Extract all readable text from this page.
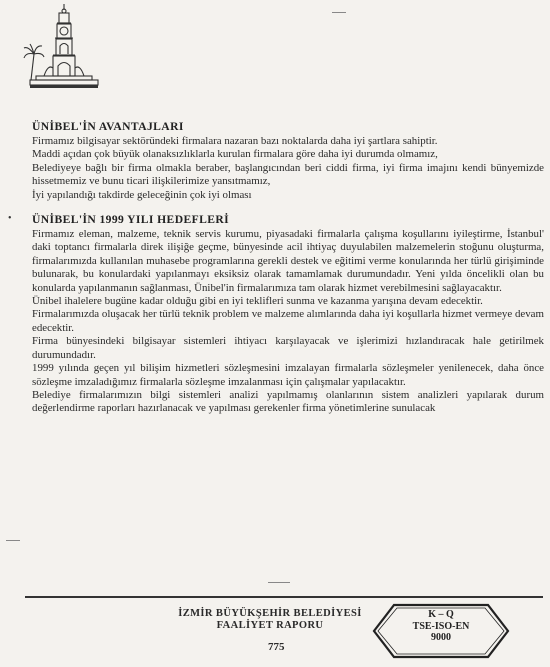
•
ÜNİBEL'İN AVANTAJLARI

Firmamız bilgisayar sektöründeki firmalara nazaran bazı noktalarda daha iyi şartlara sahiptir.

Maddi açıdan çok büyük olanaksızlıklarla kurulan firmalara göre daha iyi durumda olmamız,

Belediyeye bağlı bir firma olmakla beraber, başlangıcından beri ciddi firma, iyi firma imajını kendi bünyemizde hissetmemiz ve bunu ticari ilişkilerimize yansıtmamız,

İyi yapılandığı takdirde geleceğinin çok iyi olması

ÜNİBEL'İN 1999 YILI HEDEFLERİ

Firmamız eleman, malzeme, teknik servis kurumu, piyasadaki firmalarla çalışma koşullarını iyileştirme, İstanbul' daki toptancı firmalarla direk ilişiğe geçme, bünyesinde acil ihtiyaç duyulabilen malzemelerin stoğunu oluşturma, firmalarımızda kullanılan muhasebe programlarına gerekli destek ve eğitimi verme konularında her türlü girişiminde bulunarak, bu konulardaki yapılanmayı eksiksiz olarak tamamlamak durumundadır. Yeni yılda öncelikli olan bu konularda yapılanmanın sağlanması, Ünibel'in firmalarımıza tam olarak hizmet verebilmesini sağlayacaktır.

Ünibel ihalelere bugüne kadar olduğu gibi en iyi teklifleri sunma ve kazanma yarışına devam edecektir.

Firmalarımızda oluşacak her türlü teknik problem ve malzeme alımlarında daha iyi koşullarla hizmet vermeye devam edecektir.

Firma bünyesindeki bilgisayar sistemleri ihtiyacı karşılayacak ve işlerimizi hızlandıracak hale getirilmek durumundadır.

1999 yılında geçen yıl bilişim hizmetleri sözleşmesini imzalayan firmalarla sözleşmeler yenilenecek, daha önce sözleşme imzaladığımız firmalarla sözleşme imzalanması için çalışmalar yapılacaktır.

Belediye firmalarımızın bilgi sistemleri analizi yapılmamış olanlarının sistem analizleri yapılarak durum değerlendirme raporları hazırlanacak ve yapılması gerekenler firma yönetimlerine sunulacak

İZMİR BÜYÜKŞEHİR BELEDİYESİ
FAALİYET RAPORU
775
K – Q
TSE-ISO-EN
9000
